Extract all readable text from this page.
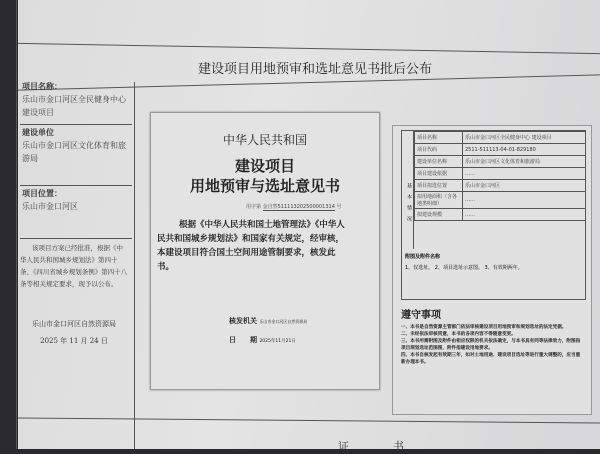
建设项目用地预审和选址意见书批后公布
项目名称：
乐山市金口河区全民健身中心 建设项目
建设单位
乐山市金口河区文化体育和旅游局
项目位置：
乐山市金口河区
该项目方案已经批准，根据《中华人民共和国城乡规划法》第四十条、《四川省城乡规划条例》第四十八条等相关规定要求，现予以公布。
乐山市金口河区自然资源局
2025 年 11 月 24 日
中华人民共和国
建设项目
用地预审与选址意见书
用字第 金自然511113202500001314 号
根据《中华人民共和国土地管理法》《中华人民共和国城乡规划法》和国家有关规定，经审核，本建设项目符合国土空间用途管制要求，核发此书。
核发机关 乐山市金口河区自然资源局
日　　期 2025年11月21日
基本情况
项目名称	乐山市金口河区全民健身中心 建设项目
项目代码	2511-511113-04-01-829180
建设单位名称	乐山市金口河区文化体育和旅游局
项目建设依据	……
项目拟选位置	乐山市金口河区
拟用地面积（含各地类明细）	……
拟建设规模	……
附图及附件名称
1、仅选址。 2、项目选址示意图。 3、有效期两年。
遵守事项
一、本书是自然资源主管部门依法审核建设项目用地预审和规划选址的法定凭据。
二、未经依法审核同意，本书的各项内容不得随意变更。
三、本书所需附图及附件由相应权限的机关依法确定，与本书具有同等法律效力，附图指项目规划选址范围图，附件指建设用地要求。
四、本书自核发起有效期三年，如对土地用途、建设项目选址等进行重大调整的，应当重新办理本书。
证	书
